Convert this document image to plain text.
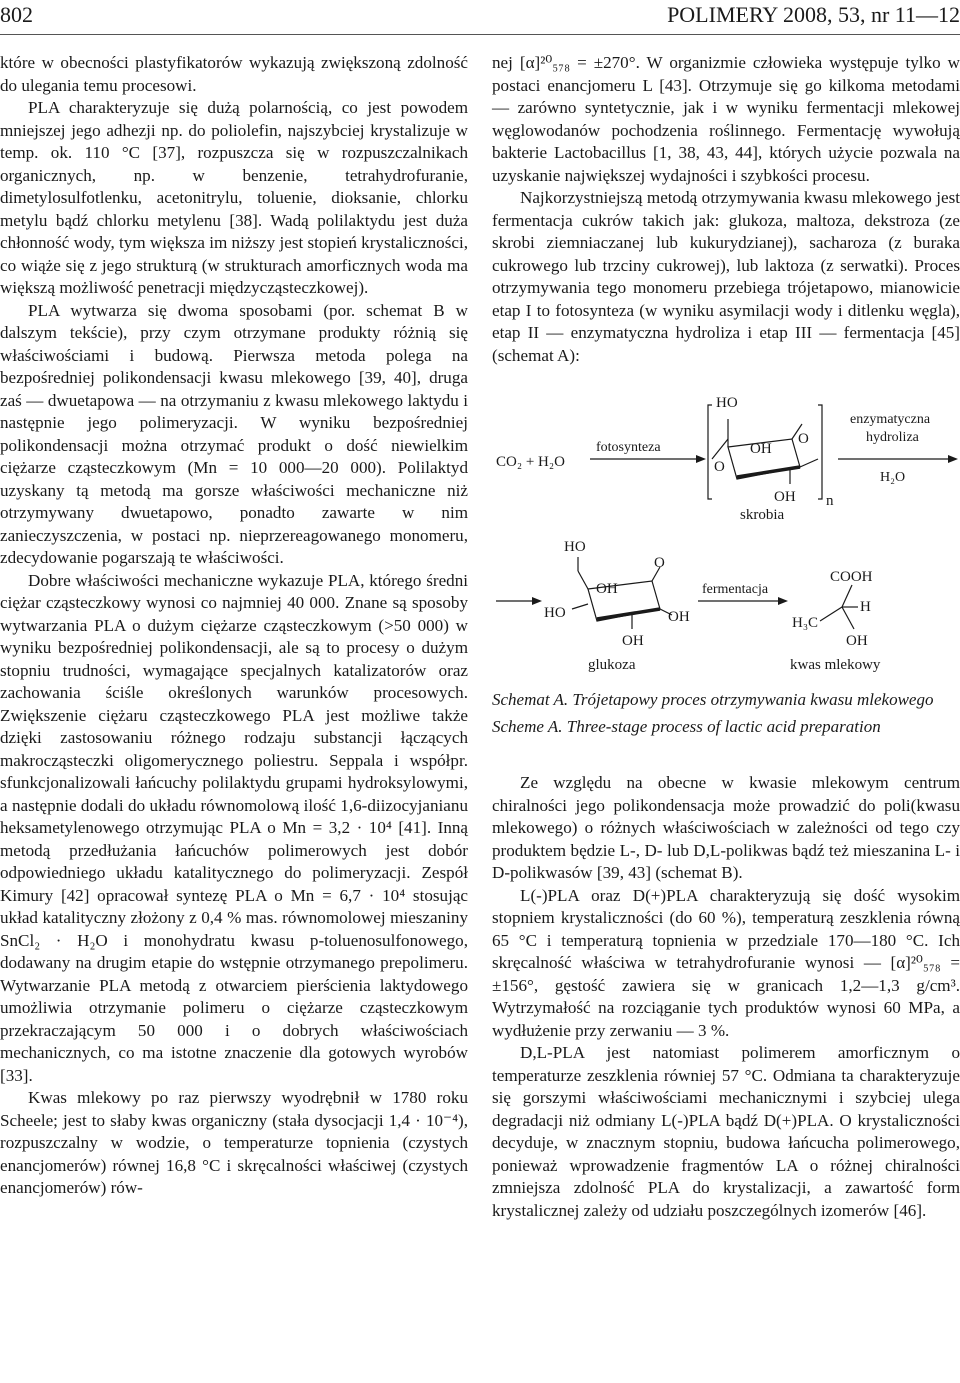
802	POLIMERY 2008, 53, nr 11—12

które w obecności plastyfikatorów wykazują zwiększoną zdolność do ulegania temu procesowi.

PLA charakteryzuje się dużą polarnością, co jest powodem mniejszej jego adhezji np. do poliolefin, najszybciej krystalizuje w temp. ok. 110 °C [37], rozpuszcza się w rozpuszczalnikach organicznych, np. w benzenie, tetrahydrofuranie, dimetylosulfotlenku, acetonitrylu, toluenie, dioksanie, chlorku metylu bądź chlorku metylenu [38]. Wadą polilaktydu jest duża chłonność wody, tym większa im niższy jest stopień krystaliczności, co wiąże się z jego strukturą (w strukturach amorficznych woda ma większą możliwość penetracji międzycząsteczkowej).

PLA wytwarza się dwoma sposobami (por. schemat B w dalszym tekście), przy czym otrzymane produkty różnią się właściwościami i budową. Pierwsza metoda polega na bezpośredniej polikondensacji kwasu mlekowego [39, 40], druga zaś — dwuetapowa — na otrzymaniu z kwasu mlekowego laktydu i następnie jego polimeryzacji. W wyniku bezpośredniej polikondensacji można otrzymać produkt o dość niewielkim ciężarze cząsteczkowym (Mn = 10 000—20 000). Polilaktyd uzyskany tą metodą ma gorsze właściwości mechaniczne niż otrzymywany dwuetapowo, ponadto zawarte w nim zanieczyszczenia, w postaci np. nieprzereagowanego monomeru, zdecydowanie pogarszają te właściwości.

Dobre właściwości mechaniczne wykazuje PLA, którego średni ciężar cząsteczkowy wynosi co najmniej 40 000. Znane są sposoby wytwarzania PLA o dużym ciężarze cząsteczkowym (>50 000) w wyniku bezpośredniej polikondensacji, ale są to procesy o dużym stopniu trudności, wymagające specjalnych katalizatorów oraz zachowania ściśle określonych warunków procesowych. Zwiększenie ciężaru cząsteczkowego PLA jest możliwe także dzięki zastosowaniu różnego rodzaju substancji łączących makrocząsteczki oligomerycznego poliestru. Seppala i współpr. sfunkcjonalizowali łańcuchy polilaktydu grupami hydroksylowymi, a następnie dodali do układu równomolową ilość 1,6-diizocyjanianu heksametylenowego otrzymując PLA o Mn = 3,2 · 10⁴ [41]. Inną metodą przedłużania łańcuchów polimerowych jest dobór odpowiedniego układu katalitycznego do polimeryzacji. Zespół Kimury [42] opracował syntezę PLA o Mn = 6,7 · 10⁴ stosując układ katalityczny złożony z 0,4 % mas. równomolowej mieszaniny SnCl₂ · H₂O i monohydratu kwasu p-toluenosulfonowego, dodawany na drugim etapie do wstępnie otrzymanego prepolimeru. Wytwarzanie PLA metodą z otwarciem pierścienia laktydowego umożliwia otrzymanie polimeru o ciężarze cząsteczkowym przekraczającym 50 000 i o dobrych właściwościach mechanicznych, co ma istotne znaczenie dla gotowych wyrobów [33].

Kwas mlekowy po raz pierwszy wyodrębnił w 1780 roku Scheele; jest to słaby kwas organiczny (stała dysocjacji 1,4 · 10⁻⁴), rozpuszczalny w wodzie, o temperaturze topnienia (czystych enancjomerów) równej 16,8 °C i skręcalności właściwej (czystych enancjomerów) rów-

nej [α]²⁰₅₇₈ = ±270°. W organizmie człowieka występuje tylko w postaci enancjomeru L [43]. Otrzymuje się go kilkoma metodami — zarówno syntetycznie, jak i w wyniku fermentacji mlekowej węglowodanów pochodzenia roślinnego. Fermentację wywołują bakterie Lactobacillus [1, 38, 43, 44], których użycie pozwala na uzyskanie największej wydajności i szybkości procesu.

Najkorzystniejszą metodą otrzymywania kwasu mlekowego jest fermentacja cukrów takich jak: glukoza, maltoza, dekstroza (ze skrobi ziemniaczanej lub kukurydzianej), sacharoza (z buraka cukrowego lub trzciny cukrowej), lub laktoza (z serwatki). Proces otrzymywania tego monomeru przebiega trójetapowo, mianowicie etap I to fotosynteza (w wyniku asymilacji wody i ditlenku węgla), etap II — enzymatyczna hydroliza i etap III — fermentacja [45] (schemat A):

CO₂ + H₂O
fotosynteza
HO
OH
O
O
OH n
skrobia
enzymatyczna
hydroliza
H₂O
HO
OH
O
HO	OH
OH
glukoza
fermentacja
H₃C
COOH
H
OH
kwas mlekowy

Schemat A. Trójetapowy proces otrzymywania kwasu mlekowego

Scheme A. Three-stage process of lactic acid preparation

Ze względu na obecne w kwasie mlekowym centrum chiralności jego polikondensacja może prowadzić do poli(kwasu mlekowego) o różnych właściwościach w zależności od tego czy produktem będzie L-, D- lub D,L-polikwas bądź też mieszanina L- i D-polikwasów [39, 43] (schemat B).

L(-)PLA oraz D(+)PLA charakteryzują się dość wysokim stopniem krystaliczności (do 60 %), temperaturą zeszklenia równą 65 °C i temperaturą topnienia w przedziale 170—180 °C. Ich skręcalność właściwa w tetrahydrofuranie wynosi — [α]²⁰₅₇₈ = ±156°, gęstość zawiera się w granicach 1,2—1,3 g/cm³. Wytrzymałość na rozciąganie tych produktów wynosi 60 MPa, a wydłużenie przy zerwaniu — 3 %.

D,L-PLA jest natomiast polimerem amorficznym o temperaturze zeszklenia równiej 57 °C. Odmiana ta charakteryzuje się gorszymi właściwościami mechanicznymi i szybciej ulega degradacji niż odmiany L(-)PLA bądź D(+)PLA. O krystaliczności decyduje, w znacznym stopniu, budowa łańcucha polimerowego, ponieważ wprowadzenie fragmentów LA o różnej chiralności zmniejsza zdolność PLA do krystalizacji, a zawartość form krystalicznej zależy od udziału poszczególnych izomerów [46].
